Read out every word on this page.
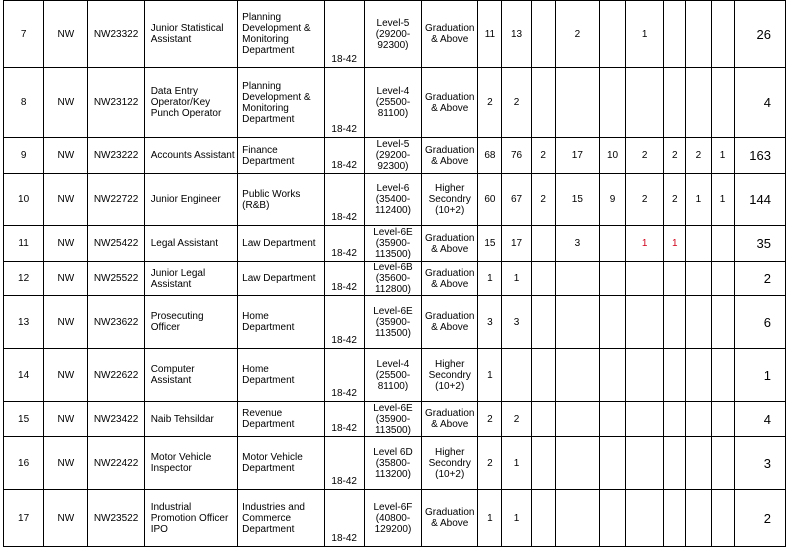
7	NW	NW23322	Junior Statistical Assistant	Planning Development & Monitoring Department	18-42	Level-5 (29200-92300)	Graduation & Above	11	13		2		1				26
8	NW	NW23122	Data Entry Operator/Key Punch Operator	Planning Development & Monitoring Department	18-42	Level-4 (25500-81100)	Graduation & Above	2	2								4
9	NW	NW23222	Accounts Assistant	Finance Department	18-42	Level-5 (29200-92300)	Graduation & Above	68	76	2	17	10	2	2	2	1	163
10	NW	NW22722	Junior Engineer	Public Works (R&B)	18-42	Level-6 (35400-112400)	Higher Secondry (10+2)	60	67	2	15	9	2	2	1	1	144
11	NW	NW25422	Legal Assistant	Law Department	18-42	Level-6E (35900-113500)	Graduation & Above	15	17		3		1	1			35
12	NW	NW25522	Junior Legal Assistant	Law Department	18-42	Level-6B (35600-112800)	Graduation & Above	1	1								2
13	NW	NW23622	Prosecuting Officer	Home Department	18-42	Level-6E (35900-113500)	Graduation & Above	3	3								6
14	NW	NW22622	Computer Assistant	Home Department	18-42	Level-4 (25500-81100)	Higher Secondry (10+2)	1									1
15	NW	NW23422	Naib Tehsildar	Revenue Department	18-42	Level-6E (35900-113500)	Graduation & Above	2	2								4
16	NW	NW22422	Motor Vehicle Inspector	Motor Vehicle Department	18-42	Level 6D (35800-113200)	Higher Secondry (10+2)	2	1								3
17	NW	NW23522	Industrial Promotion Officer IPO	Industries and Commerce Department	18-42	Level-6F (40800-129200)	Graduation & Above	1	1								2
